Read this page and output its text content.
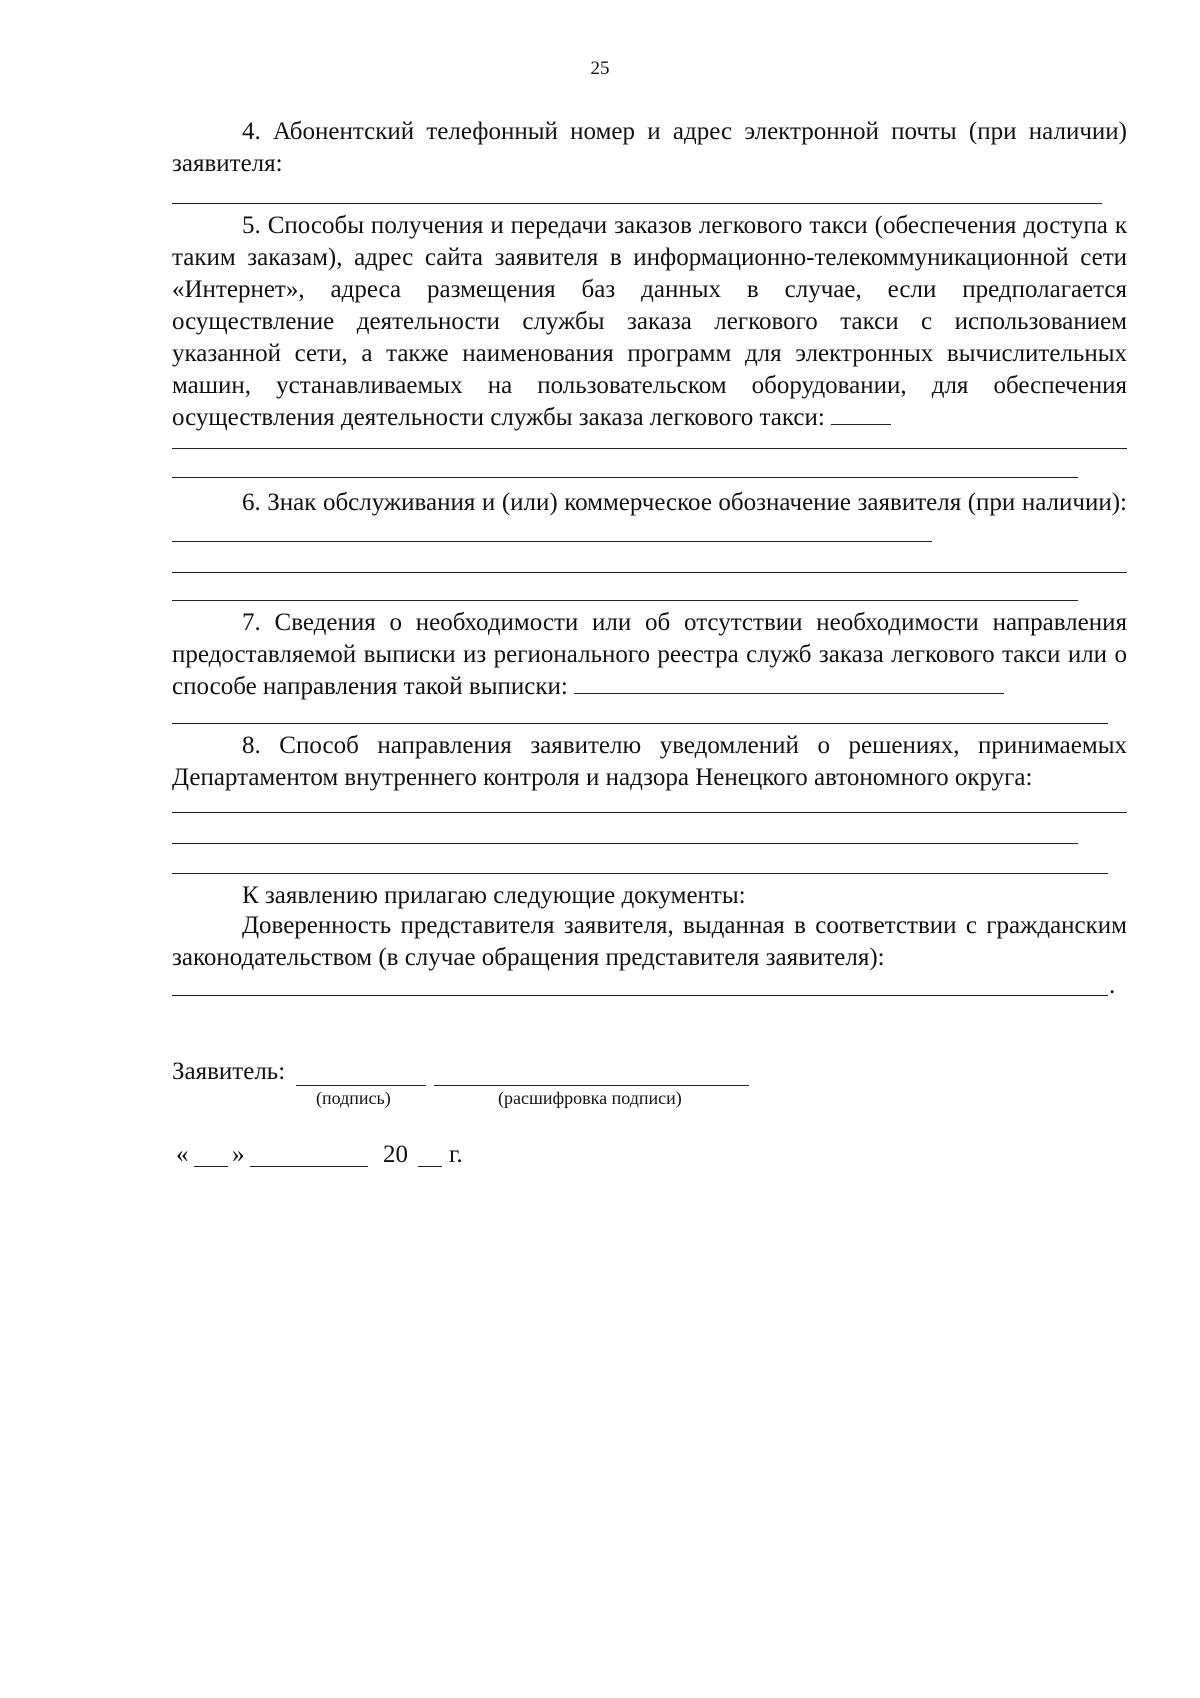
25
4. Абонентский телефонный номер и адрес электронной почты (при наличии) заявителя:
5. Способы получения и передачи заказов легкового такси (обеспечения доступа к таким заказам), адрес сайта заявителя в информационно-телекоммуникационной сети «Интернет», адреса размещения баз данных в случае, если предполагается осуществление деятельности службы заказа легкового такси с использованием указанной сети, а также наименования программ для электронных вычислительных машин, устанавливаемых на пользовательском оборудовании, для обеспечения осуществления деятельности службы заказа легкового такси:
6. Знак обслуживания и (или) коммерческое обозначение заявителя (при наличии):
7. Сведения о необходимости или об отсутствии необходимости направления предоставляемой выписки из регионального реестра служб заказа легкового такси или о способе направления такой выписки:
8. Способ направления заявителю уведомлений о решениях, принимаемых Департаментом внутреннего контроля и надзора Ненецкого автономного округа:
К заявлению прилагаю следующие документы:
Доверенность представителя заявителя, выданная в соответствии с гражданским законодательством (в случае обращения представителя заявителя):
.
Заявитель:
(подпись)	(расшифровка подписи)
« »	20 г.
